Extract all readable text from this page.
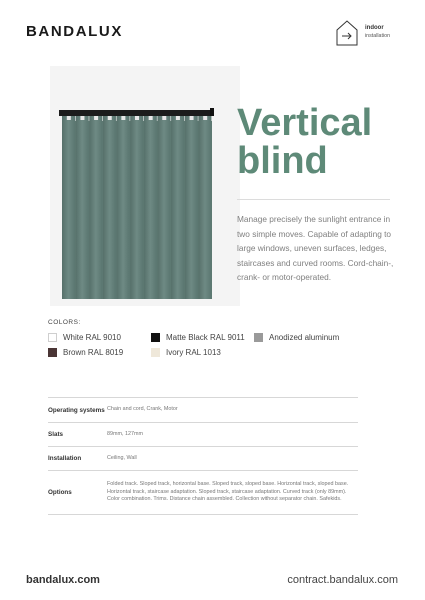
BANDALUX	indoor
installation
Vertical
blind
Manage precisely the sunlight entrance in two simple moves. Capable of adapting to large windows, uneven surfaces, ledges, staircases and curved rooms. Cord-chain-, crank- or motor-operated.
COLORS:
White RAL 9010	Matte Black RAL 9011	Anodized aluminum
Brown RAL 8019	Ivory RAL 1013
Operating systems Chain and cord, Crank, Motor
Slats	89mm, 127mm
Installation	Ceiling, Wall
Options
Folded track. Sloped track, horizontal base. Sloped track, sloped base. Horizontal track, sloped base. Horizontal track, staircase adaptation. Sloped track, staircase adaptation. Curved track (only 89mm). Color combination. Trims. Distance chain assembled. Collection without separator chain. Safekids.
bandalux.com	contract.bandalux.com
